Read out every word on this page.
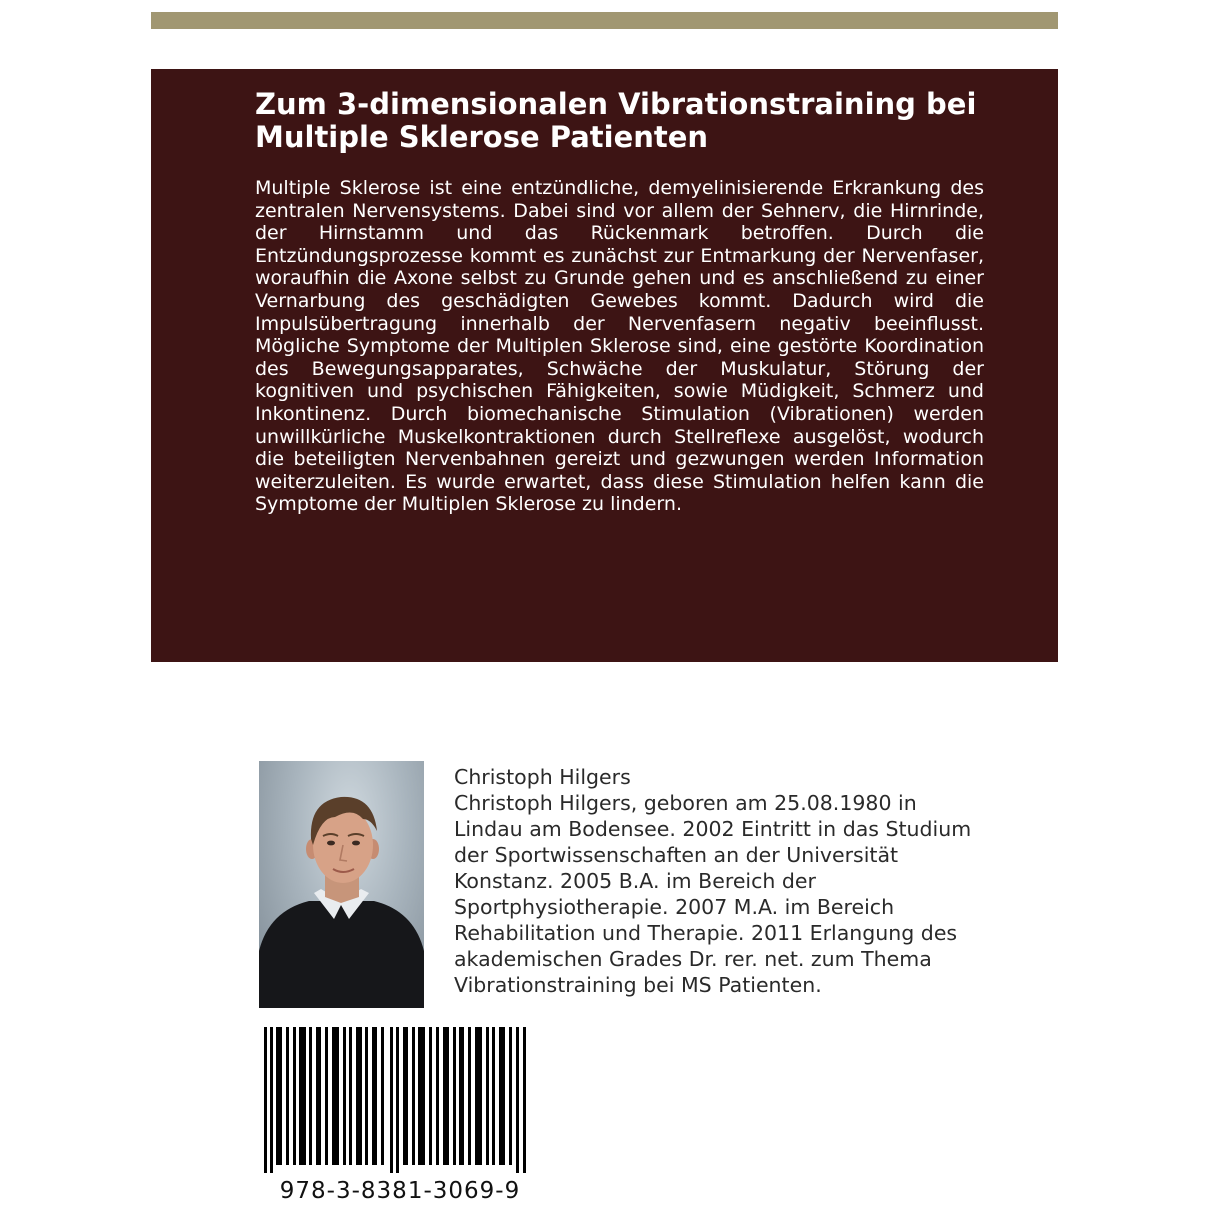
Zum 3-dimensionalen Vibrationstraining bei
Multiple Sklerose Patienten

Multiple Sklerose ist eine entzündliche, demyelinisierende Erkrankung des zentralen Nervensystems. Dabei sind vor allem der Sehnerv, die Hirnrinde, der Hirnstamm und das Rückenmark betroffen. Durch die Entzündungsprozesse kommt es zunächst zur Entmarkung der Nervenfaser, woraufhin die Axone selbst zu Grunde gehen und es anschließend zu einer Vernarbung des geschädigten Gewebes kommt. Dadurch wird die Impulsübertragung innerhalb der Nervenfasern negativ beeinflusst. Mögliche Symptome der Multiplen Sklerose sind, eine gestörte Koordination des Bewegungsapparates, Schwäche der Muskulatur, Störung der kognitiven und psychischen Fähigkeiten, sowie Müdigkeit, Schmerz und Inkontinenz. Durch biomechanische Stimulation (Vibrationen) werden unwillkürliche Muskelkontraktionen durch Stellreflexe ausgelöst, wodurch die beteiligten Nervenbahnen gereizt und gezwungen werden Information weiterzuleiten. Es wurde erwartet, dass diese Stimulation helfen kann die Symptome der Multiplen Sklerose zu lindern.

Christoph Hilgers

Christoph Hilgers, geboren am 25.08.1980 in Lindau am Bodensee. 2002 Eintritt in das Studium der Sportwissenschaften an der Universität Konstanz. 2005 B.A. im Bereich der Sportphysiotherapie. 2007 M.A. im Bereich Rehabilitation und Therapie. 2011 Erlangung des akademischen Grades Dr. rer. net. zum Thema Vibrationstraining bei MS Patienten.

978-3-8381-3069-9
